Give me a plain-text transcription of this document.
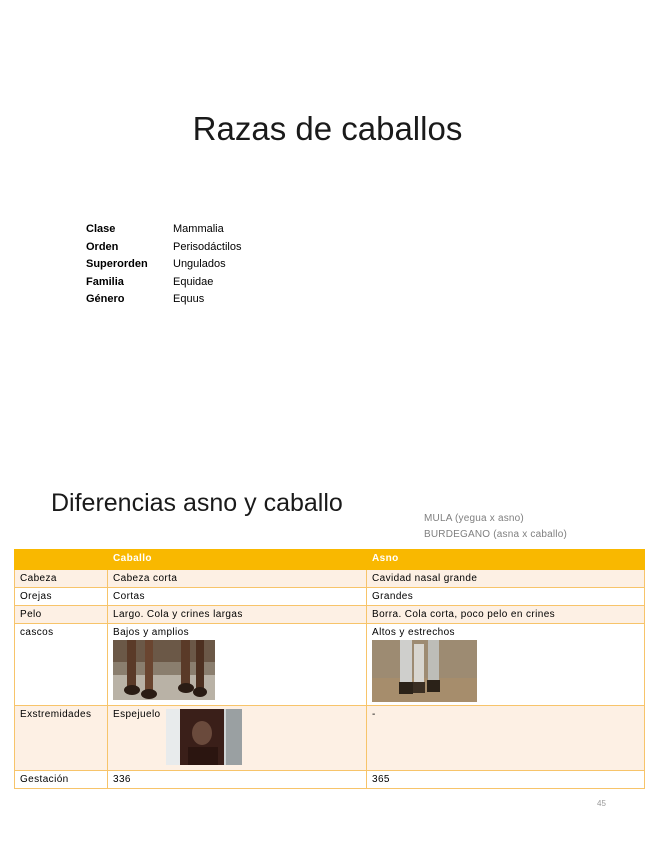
Razas de caballos
Clase	Mammalia
Orden	Perisodáctilos
Superorden	Ungulados
Familia	Equidae
Género	Equus
Diferencias asno y caballo
MULA (yegua x asno)
BURDEGANO (asna x caballo)
	Caballo	Asno
Cabeza	Cabeza corta	Cavidad nasal grande
Orejas	Cortas	Grandes
Pelo	Largo. Cola y crines largas	Borra. Cola corta, poco pelo en crines
cascos	Bajos y amplios	Altos y estrechos

Exstremidades	Espejuelo	-
Gestación	336	365
45
